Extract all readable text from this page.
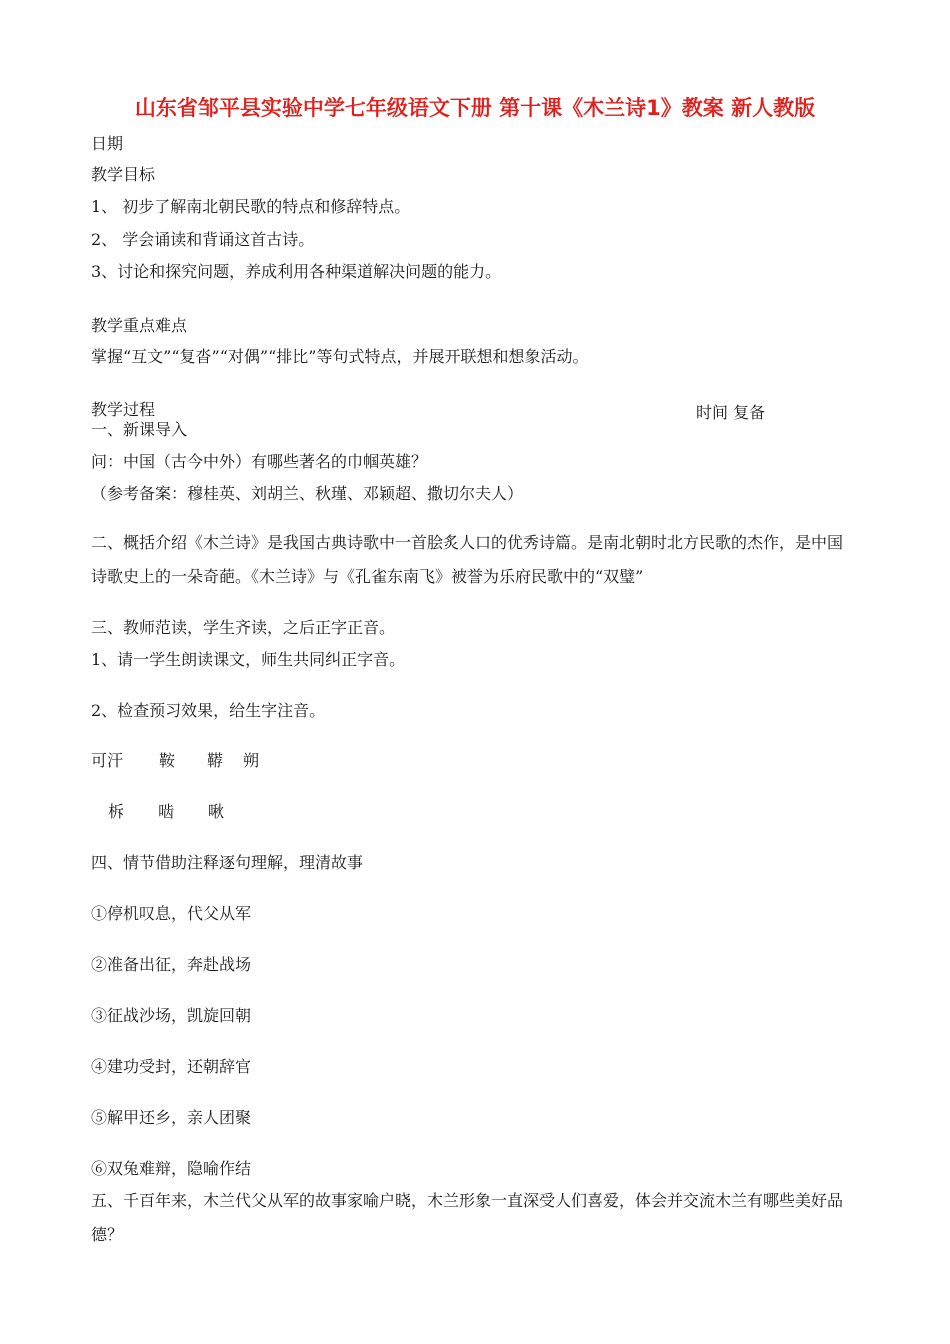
山东省邹平县实验中学七年级语文下册 第十课《木兰诗1》教案 新人教版
日期
教学目标
1、 初步了解南北朝民歌的特点和修辞特点。
2、 学会诵读和背诵这首古诗。
3、讨论和探究问题，养成利用各种渠道解决问题的能力。
教学重点难点
掌握“互文”“复沓”“对偶”“排比”等句式特点，并展开联想和想象活动。
教学过程	时间 复备
一、新课导入
问：中国（古今中外）有哪些著名的巾帼英雄？
（参考备案：穆桂英、刘胡兰、秋瑾、邓颖超、撒切尔夫人）
二、概括介绍《木兰诗》是我国古典诗歌中一首脍炙人口的优秀诗篇。是南北朝时北方民歌的杰作，是中国诗歌史上的一朵奇葩。《木兰诗》与《孔雀东南飞》被誉为乐府民歌中的“双璧”
三、教师范读，学生齐读，之后正字正音。
1、请一学生朗读课文，师生共同纠正字音。
2、检查预习效果，给生字注音。
可汗 鞍 鞯 朔
柝 啮 啾
四、情节借助注释逐句理解，理清故事
①停机叹息，代父从军
②准备出征，奔赴战场
③征战沙场，凯旋回朝
④建功受封，还朝辞官
⑤解甲还乡，亲人团聚
⑥双兔难辩，隐喻作结
五、千百年来，木兰代父从军的故事家喻户晓，木兰形象一直深受人们喜爱，体会并交流木兰有哪些美好品德？
